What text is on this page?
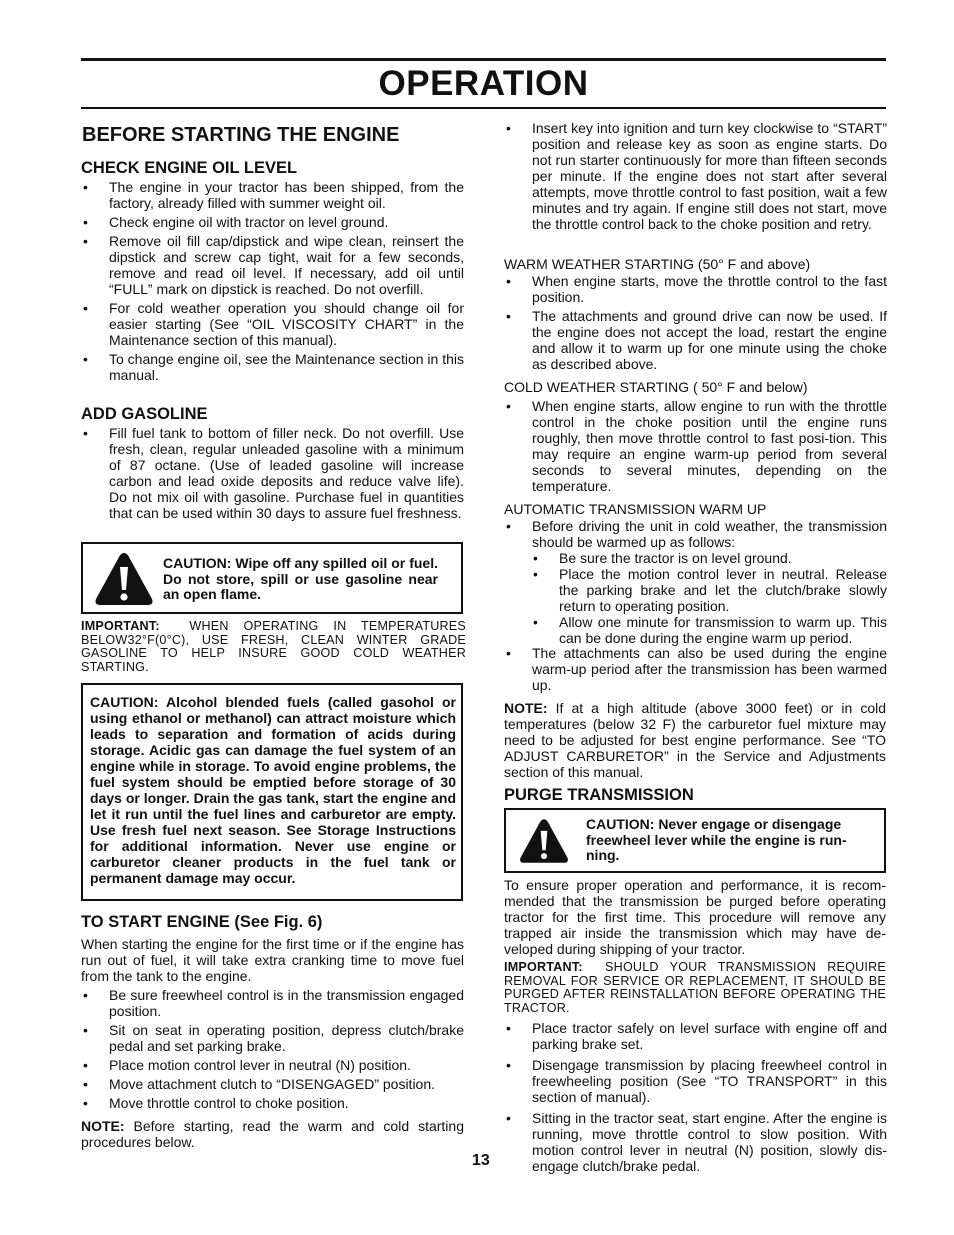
OPERATION
BEFORE STARTING THE ENGINE
CHECK ENGINE OIL LEVEL
• The engine in your tractor has been shipped, from the factory, already filled with summer weight oil.
• Check engine oil with tractor on level ground.
• Remove oil fill cap/dipstick and wipe clean, reinsert the dipstick and screw cap tight, wait for a few seconds, remove and read oil level. If necessary, add oil until “FULL” mark on dipstick is reached. Do not overfill.
• For cold weather operation you should change oil for easier starting (See “OIL VISCOSITY CHART” in the Maintenance section of this manual).
• To change engine oil, see the Maintenance section in this manual.
ADD GASOLINE
• Fill fuel tank to bottom of filler neck. Do not overfill. Use fresh, clean, regular unleaded gasoline with a minimum of 87 octane. (Use of leaded gasoline will increase carbon and lead oxide deposits and reduce valve life). Do not mix oil with gasoline. Purchase fuel in quantities that can be used within 30 days to assure fuel freshness.
CAUTION: Wipe off any spilled oil or fuel. Do not store, spill or use gasoline near an open flame.
IMPORTANT: WHEN OPERATING IN TEMPERATURES BELOW32°F(0°C), USE FRESH, CLEAN WINTER GRADE GASOLINE TO HELP INSURE GOOD COLD WEATHER STARTING.
CAUTION: Alcohol blended fuels (called gasohol or using ethanol or methanol) can attract moisture which leads to separation and formation of acids during storage. Acidic gas can damage the fuel system of an engine while in storage. To avoid engine problems, the fuel system should be emptied before storage of 30 days or longer. Drain the gas tank, start the engine and let it run until the fuel lines and carburetor are empty. Use fresh fuel next season. See Storage Instructions for additional information. Never use engine or carburetor cleaner products in the fuel tank or permanent damage may occur.
TO START ENGINE (See Fig. 6)

When starting the engine for the first time or if the engine has run out of fuel, it will take extra cranking time to move fuel from the tank to the engine.

• Be sure freewheel control is in the transmission engaged position.
• Sit on seat in operating position, depress clutch/brake pedal and set parking brake.
• Place motion control lever in neutral (N) position.
• Move attachment clutch to “DISENGAGED” position.
• Move throttle control to choke position.

NOTE: Before starting, read the warm and cold starting procedures below.

• Insert key into ignition and turn key clockwise to “START” position and release key as soon as engine starts. Do not run starter continuously for more than fifteen seconds per minute. If the engine does not start after several attempts, move throttle control to fast position, wait a few minutes and try again. If engine still does not start, move the throttle control back to the choke position and retry.
WARM WEATHER STARTING (50° F and above)
• When engine starts, move the throttle control to the fast position.
• The attachments and ground drive can now be used. If the engine does not accept the load, restart the engine and allow it to warm up for one minute using the choke as described above.
COLD WEATHER STARTING ( 50° F and below)
• When engine starts, allow engine to run with the throttle control in the choke position until the engine runs roughly, then move throttle control to fast posi-tion. This may require an engine warm-up period from several seconds to several minutes, depending on the temperature.
AUTOMATIC TRANSMISSION WARM UP
• Before driving the unit in cold weather, the transmission should be warmed up as follows:
• Be sure the tractor is on level ground.
• Place the motion control lever in neutral. Release the parking brake and let the clutch/brake slowly return to operating position.
• Allow one minute for transmission to warm up. This can be done during the engine warm up period.
• The attachments can also be used during the engine warm-up period after the transmission has been warmed up.

NOTE: If at a high altitude (above 3000 feet) or in cold temperatures (below 32 F) the carburetor fuel mixture may need to be adjusted for best engine performance. See “TO ADJUST CARBURETOR” in the Service and Adjustments section of this manual.

PURGE TRANSMISSION
CAUTION: Never engage or disengage freewheel lever while the engine is run-ning.

To ensure proper operation and performance, it is recom-mended that the transmission be purged before operating tractor for the first time. This procedure will remove any trapped air inside the transmission which may have de-veloped during shipping of your tractor.

IMPORTANT: SHOULD YOUR TRANSMISSION REQUIRE REMOVAL FOR SERVICE OR REPLACEMENT, IT SHOULD BE PURGED AFTER REINSTALLATION BEFORE OPERATING THE TRACTOR.
• Place tractor safely on level surface with engine off and parking brake set.
• Disengage transmission by placing freewheel control in freewheeling position (See “TO TRANSPORT” in this section of manual).
• Sitting in the tractor seat, start engine. After the engine is running, move throttle control to slow position. With motion control lever in neutral (N) position, slowly dis-engage clutch/brake pedal.
13
